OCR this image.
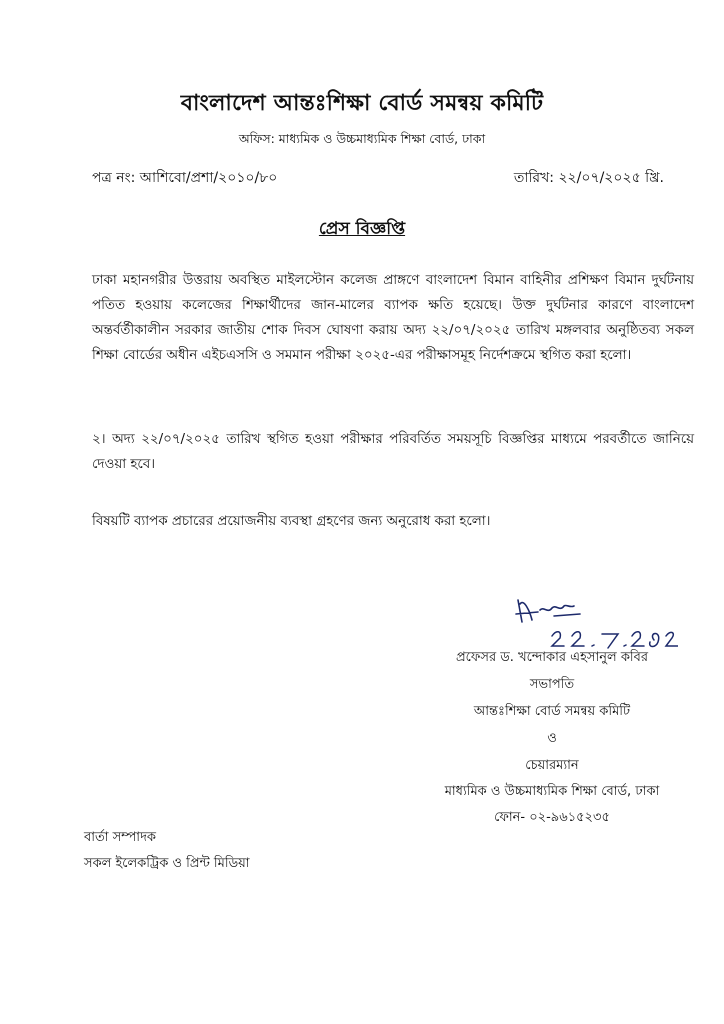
বাংলাদেশ আন্তঃশিক্ষা বোর্ড সমন্বয় কমিটি
অফিস: মাধ্যমিক ও উচ্চমাধ্যমিক শিক্ষা বোর্ড, ঢাকা
পত্র নং: আশিবো/প্রশা/২০১০/৮০	তারিখ: ২২/০৭/২০২৫ খ্রি.
প্রেস বিজ্ঞপ্তি
ঢাকা মহানগরীর উত্তরায় অবস্থিত মাইলস্টোন কলেজ প্রাঙ্গণে বাংলাদেশ বিমান বাহিনীর প্রশিক্ষণ বিমান দুর্ঘটনায় পতিত হওয়ায় কলেজের শিক্ষার্থীদের জান-মালের ব্যাপক ক্ষতি হয়েছে। উক্ত দুর্ঘটনার কারণে বাংলাদেশ অন্তর্বর্তীকালীন সরকার জাতীয় শোক দিবস ঘোষণা করায় অদ্য ২২/০৭/২০২৫ তারিখ মঙ্গলবার অনুষ্ঠিতব্য সকল শিক্ষা বোর্ডের অধীন এইচএসসি ও সমমান পরীক্ষা ২০২৫-এর পরীক্ষাসমূহ নির্দেশক্রমে স্থগিত করা হলো।
২। অদ্য ২২/০৭/২০২৫ তারিখ স্থগিত হওয়া পরীক্ষার পরিবর্তিত সময়সূচি বিজ্ঞপ্তির মাধ্যমে পরবর্তীতে জানিয়ে দেওয়া হবে।
বিষয়টি ব্যাপক প্রচারের প্রয়োজনীয় ব্যবস্থা গ্রহণের জন্য অনুরোধ করা হলো।
প্রফেসর ড. খন্দোকার এহসানুল কবির
সভাপতি
আন্তঃশিক্ষা বোর্ড সমন্বয় কমিটি
ও
চেয়ারম্যান
মাধ্যমিক ও উচ্চমাধ্যমিক শিক্ষা বোর্ড, ঢাকা
ফোন- ০২-৯৬১৫২৩৫
বার্তা সম্পাদক
সকল ইলেকট্রিক ও প্রিন্ট মিডিয়া
